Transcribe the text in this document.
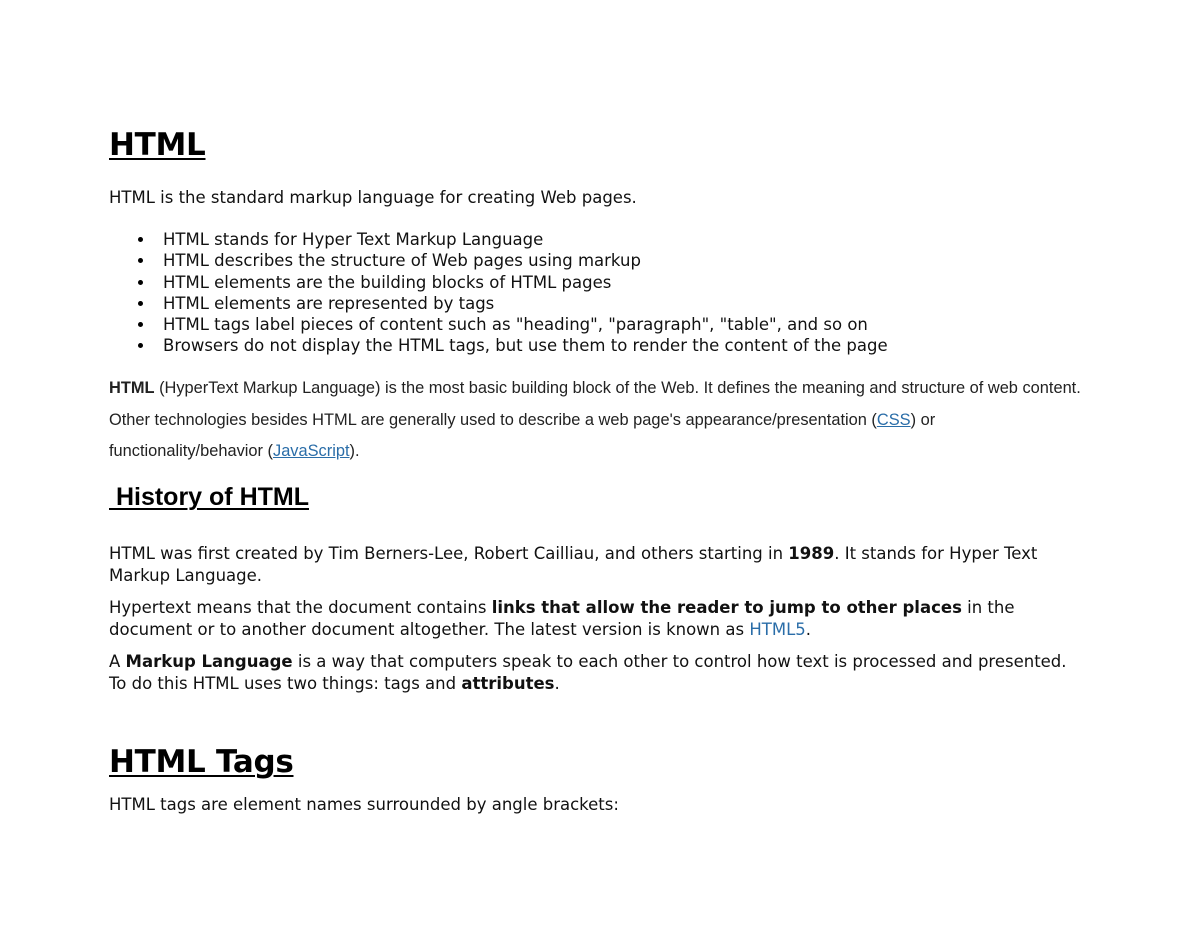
HTML

HTML is the standard markup language for creating Web pages.

HTML stands for Hyper Text Markup Language
HTML describes the structure of Web pages using markup
HTML elements are the building blocks of HTML pages
HTML elements are represented by tags
HTML tags label pieces of content such as "heading", "paragraph", "table", and so on
Browsers do not display the HTML tags, but use them to render the content of the page

HTML (HyperText Markup Language) is the most basic building block of the Web. It defines the meaning and structure of web content. Other technologies besides HTML are generally used to describe a web page's appearance/presentation (CSS) or functionality/behavior (JavaScript).

History of HTML

HTML was first created by Tim Berners-Lee, Robert Cailliau, and others starting in 1989. It stands for Hyper Text Markup Language.

Hypertext means that the document contains links that allow the reader to jump to other places in the document or to another document altogether. The latest version is known as HTML5.

A Markup Language is a way that computers speak to each other to control how text is processed and presented. To do this HTML uses two things: tags and attributes.

HTML Tags

HTML tags are element names surrounded by angle brackets:
